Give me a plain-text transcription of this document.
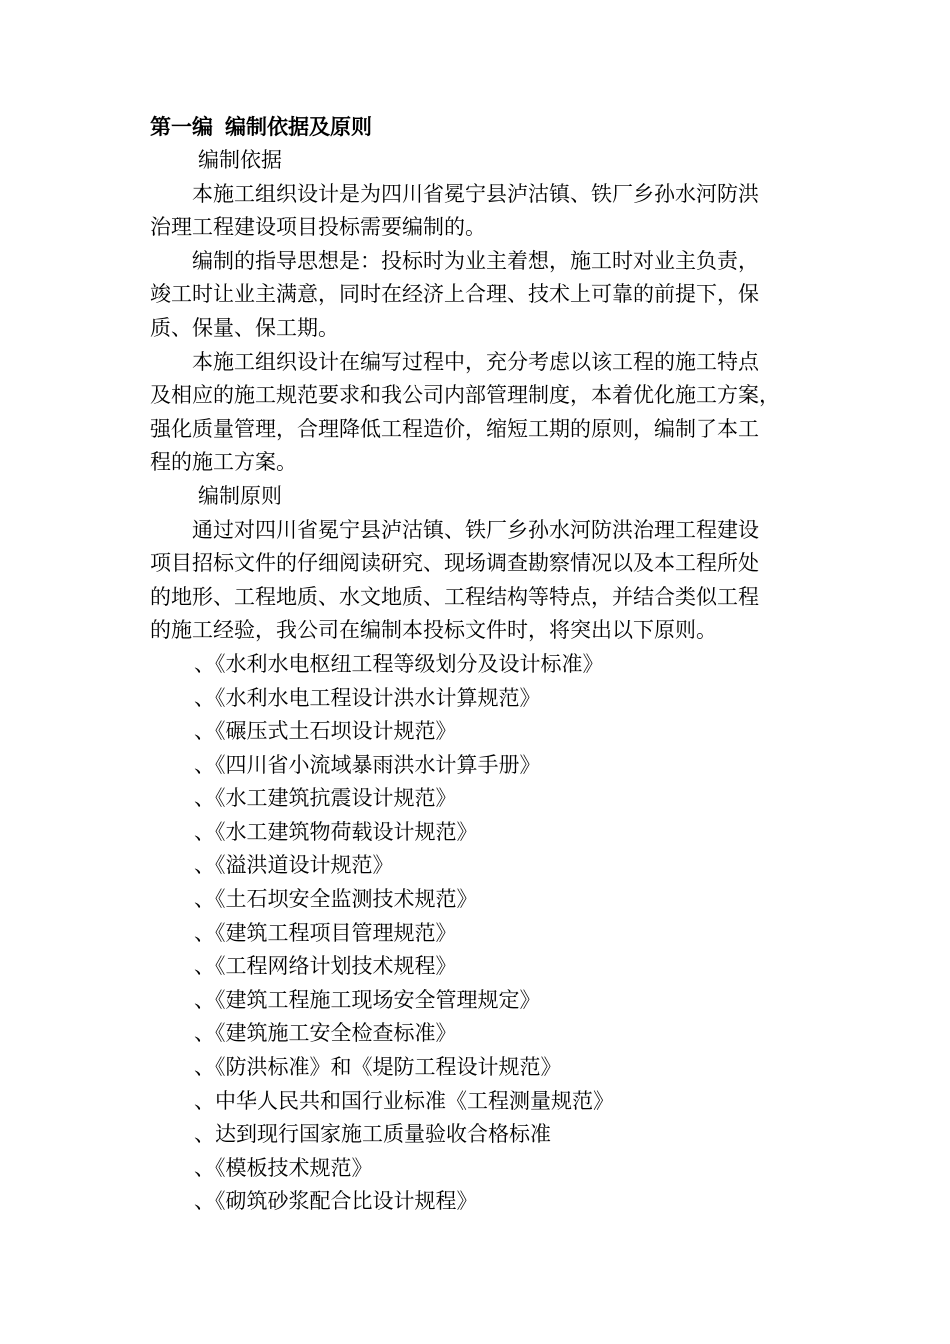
第一编 编制依据及原则
编制依据
本施工组织设计是为四川省冕宁县泸沽镇、铁厂乡孙水河防洪
治理工程建设项目投标需要编制的。
编制的指导思想是：投标时为业主着想，施工时对业主负责，
竣工时让业主满意，同时在经济上合理、技术上可靠的前提下，保
质、保量、保工期。
本施工组织设计在编写过程中，充分考虑以该工程的施工特点
及相应的施工规范要求和我公司内部管理制度，本着优化施工方案，
强化质量管理，合理降低工程造价，缩短工期的原则，编制了本工
程的施工方案。
编制原则
通过对四川省冕宁县泸沽镇、铁厂乡孙水河防洪治理工程建设
项目招标文件的仔细阅读研究、现场调查勘察情况以及本工程所处
的地形、工程地质、水文地质、工程结构等特点，并结合类似工程
的施工经验，我公司在编制本投标文件时，将突出以下原则。
、《水利水电枢纽工程等级划分及设计标准》
、《水利水电工程设计洪水计算规范》
、《碾压式土石坝设计规范》
、《四川省小流域暴雨洪水计算手册》
、《水工建筑抗震设计规范》
、《水工建筑物荷载设计规范》
、《溢洪道设计规范》
、《土石坝安全监测技术规范》
、《建筑工程项目管理规范》
、《工程网络计划技术规程》
、《建筑工程施工现场安全管理规定》
、《建筑施工安全检查标准》
、《防洪标准》和《堤防工程设计规范》
、中华人民共和国行业标准《工程测量规范》
、达到现行国家施工质量验收合格标准
、《模板技术规范》
、《砌筑砂浆配合比设计规程》
